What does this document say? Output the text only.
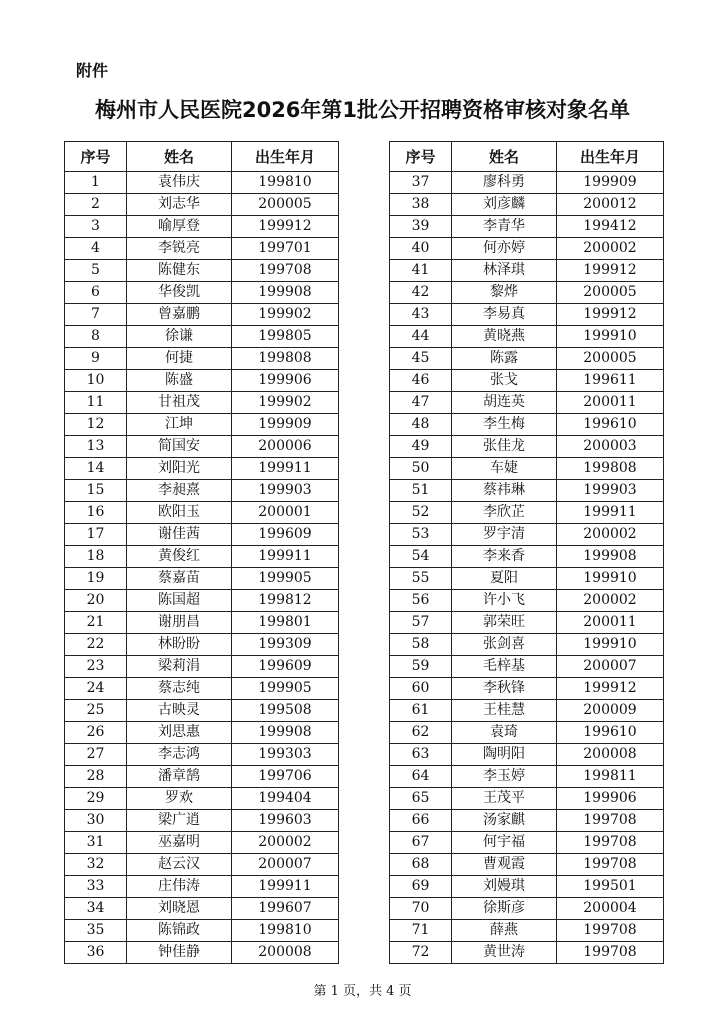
附件
梅州市人民医院2026年第1批公开招聘资格审核对象名单
序号	姓名	出生年月
1	袁伟庆	199810
2	刘志华	200005
3	喻厚登	199912
4	李锐亮	199701
5	陈健东	199708
6	华俊凯	199908
7	曾嘉鹏	199902
8	徐谦	199805
9	何捷	199808
10	陈盛	199906
11	甘祖茂	199902
12	江坤	199909
13	简国安	200006
14	刘阳光	199911
15	李昶熹	199903
16	欧阳玉	200001
17	谢佳茜	199609
18	黄俊红	199911
19	蔡嘉苗	199905
20	陈国超	199812
21	谢朋昌	199801
22	林盼盼	199309
23	梁莉涓	199609
24	蔡志纯	199905
25	古映灵	199508
26	刘思惠	199908
27	李志鸿	199303
28	潘章鹄	199706
29	罗欢	199404
30	梁广逍	199603
31	巫嘉明	200002
32	赵云汉	200007
33	庄伟涛	199911
34	刘晓恩	199607
35	陈锦政	199810
36	钟佳静	200008
序号	姓名	出生年月
37	廖科勇	199909
38	刘彦麟	200012
39	李青华	199412
40	何亦婷	200002
41	林泽琪	199912
42	黎烨	200005
43	李易真	199912
44	黄晓燕	199910
45	陈露	200005
46	张戈	199611
47	胡连英	200011
48	李生梅	199610
49	张佳龙	200003
50	车婕	199808
51	蔡祎琳	199903
52	李欣芷	199911
53	罗宇清	200002
54	李来香	199908
55	夏阳	199910
56	许小飞	200002
57	郭荣旺	200011
58	张剑喜	199910
59	毛梓基	200007
60	李秋锋	199912
61	王桂慧	200009
62	袁琦	199610
63	陶明阳	200008
64	李玉婷	199811
65	王茂平	199906
66	汤家麒	199708
67	何宇福	199708
68	曹观霞	199708
69	刘嫚琪	199501
70	徐斯彦	200004
71	薛燕	199708
72	黄世涛	199708
第 1 页，共 4 页
